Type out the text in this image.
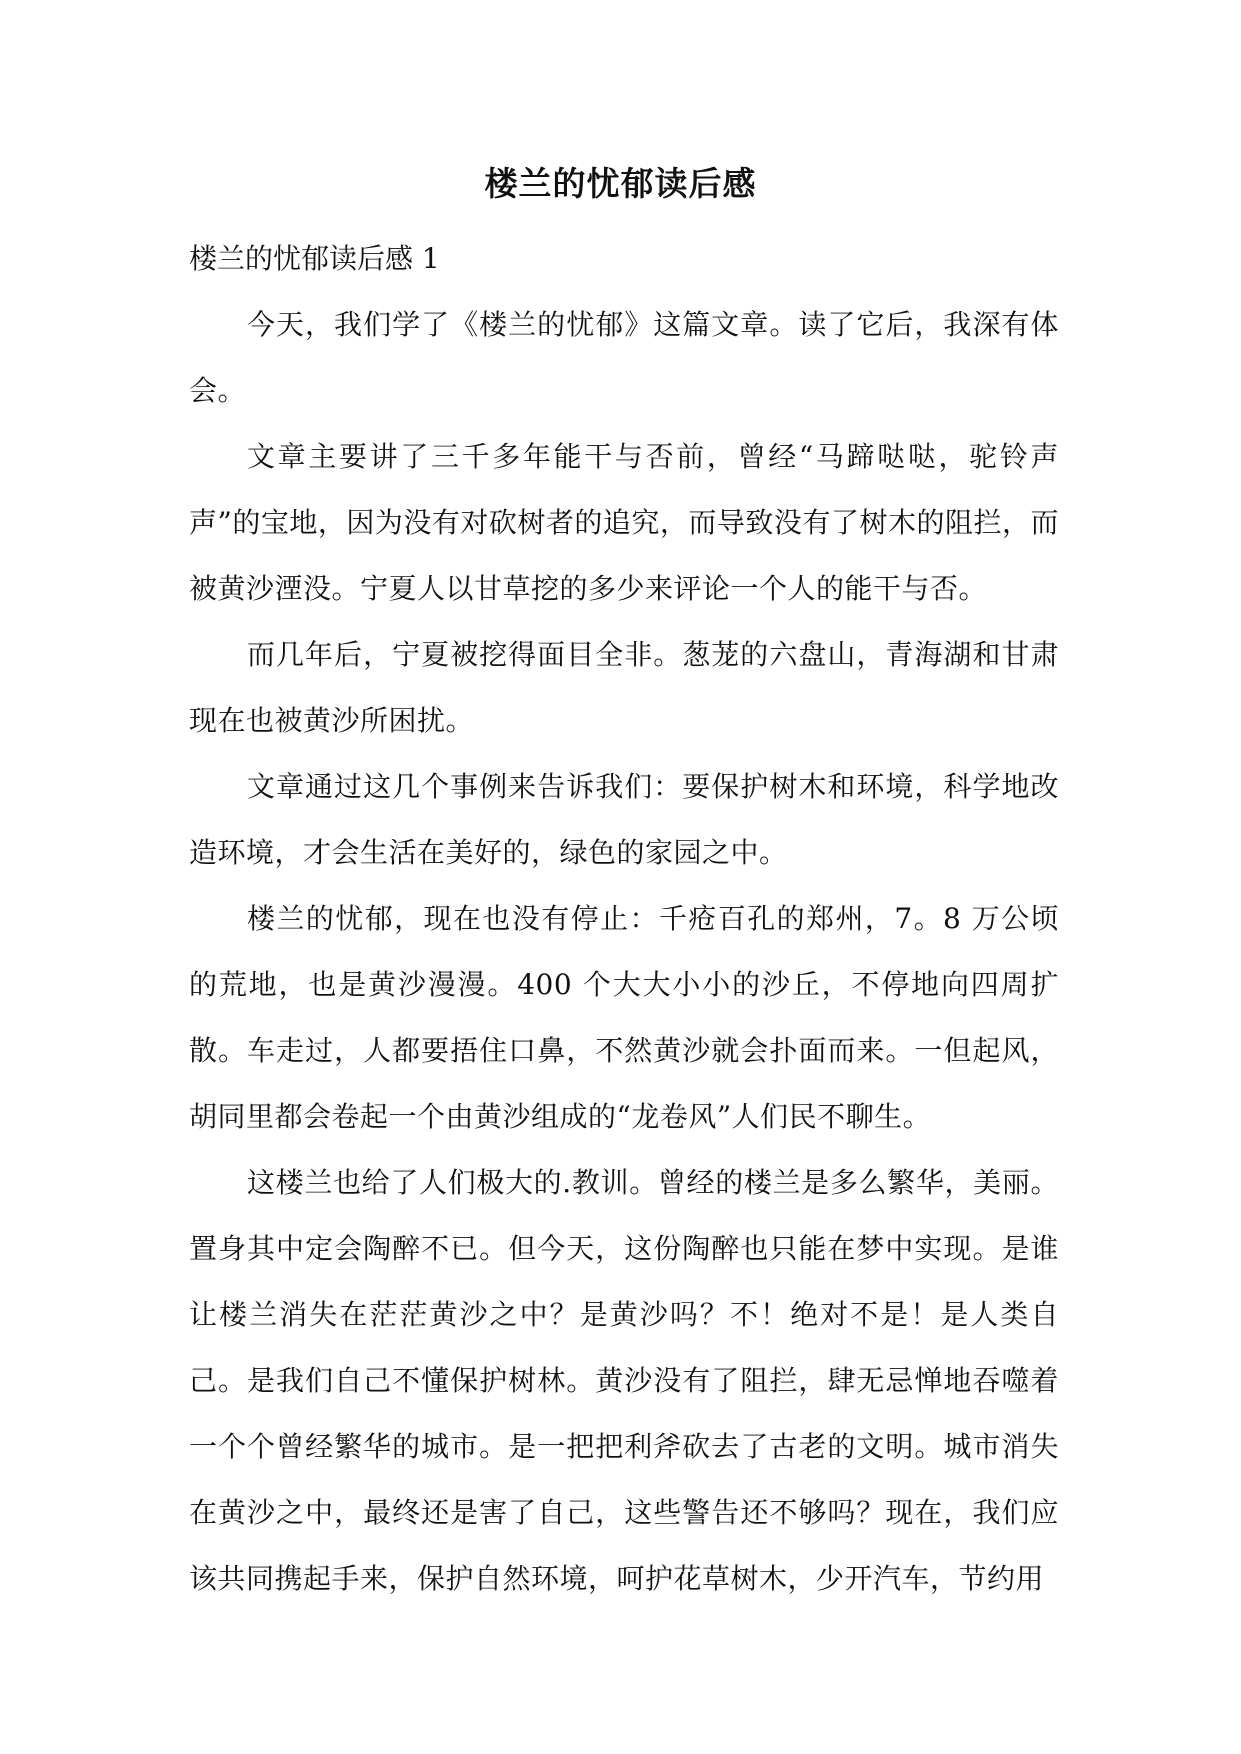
楼兰的忧郁读后感

楼兰的忧郁读后感 1

今天，我们学了《楼兰的忧郁》这篇文章。读了它后，我深有体会。

文章主要讲了三千多年能干与否前，曾经“马蹄哒哒，驼铃声声”的宝地，因为没有对砍树者的追究，而导致没有了树木的阻拦，而被黄沙湮没。宁夏人以甘草挖的多少来评论一个人的能干与否。

而几年后，宁夏被挖得面目全非。葱茏的六盘山，青海湖和甘肃现在也被黄沙所困扰。

文章通过这几个事例来告诉我们：要保护树木和环境，科学地改造环境，才会生活在美好的，绿色的家园之中。

楼兰的忧郁，现在也没有停止：千疮百孔的郑州，7。8 万公顷的荒地，也是黄沙漫漫。400 个大大小小的沙丘，不停地向四周扩散。车走过，人都要捂住口鼻，不然黄沙就会扑面而来。一但起风，胡同里都会卷起一个由黄沙组成的“龙卷风”人们民不聊生。

这楼兰也给了人们极大的.教训。曾经的楼兰是多么繁华，美丽。置身其中定会陶醉不已。但今天，这份陶醉也只能在梦中实现。是谁让楼兰消失在茫茫黄沙之中？是黄沙吗？不！绝对不是！是人类自己。是我们自己不懂保护树林。黄沙没有了阻拦，肆无忌惮地吞噬着一个个曾经繁华的城市。是一把把利斧砍去了古老的文明。城市消失在黄沙之中，最终还是害了自己，这些警告还不够吗？现在，我们应该共同携起手来，保护自然环境，呵护花草树木，少开汽车，节约用
